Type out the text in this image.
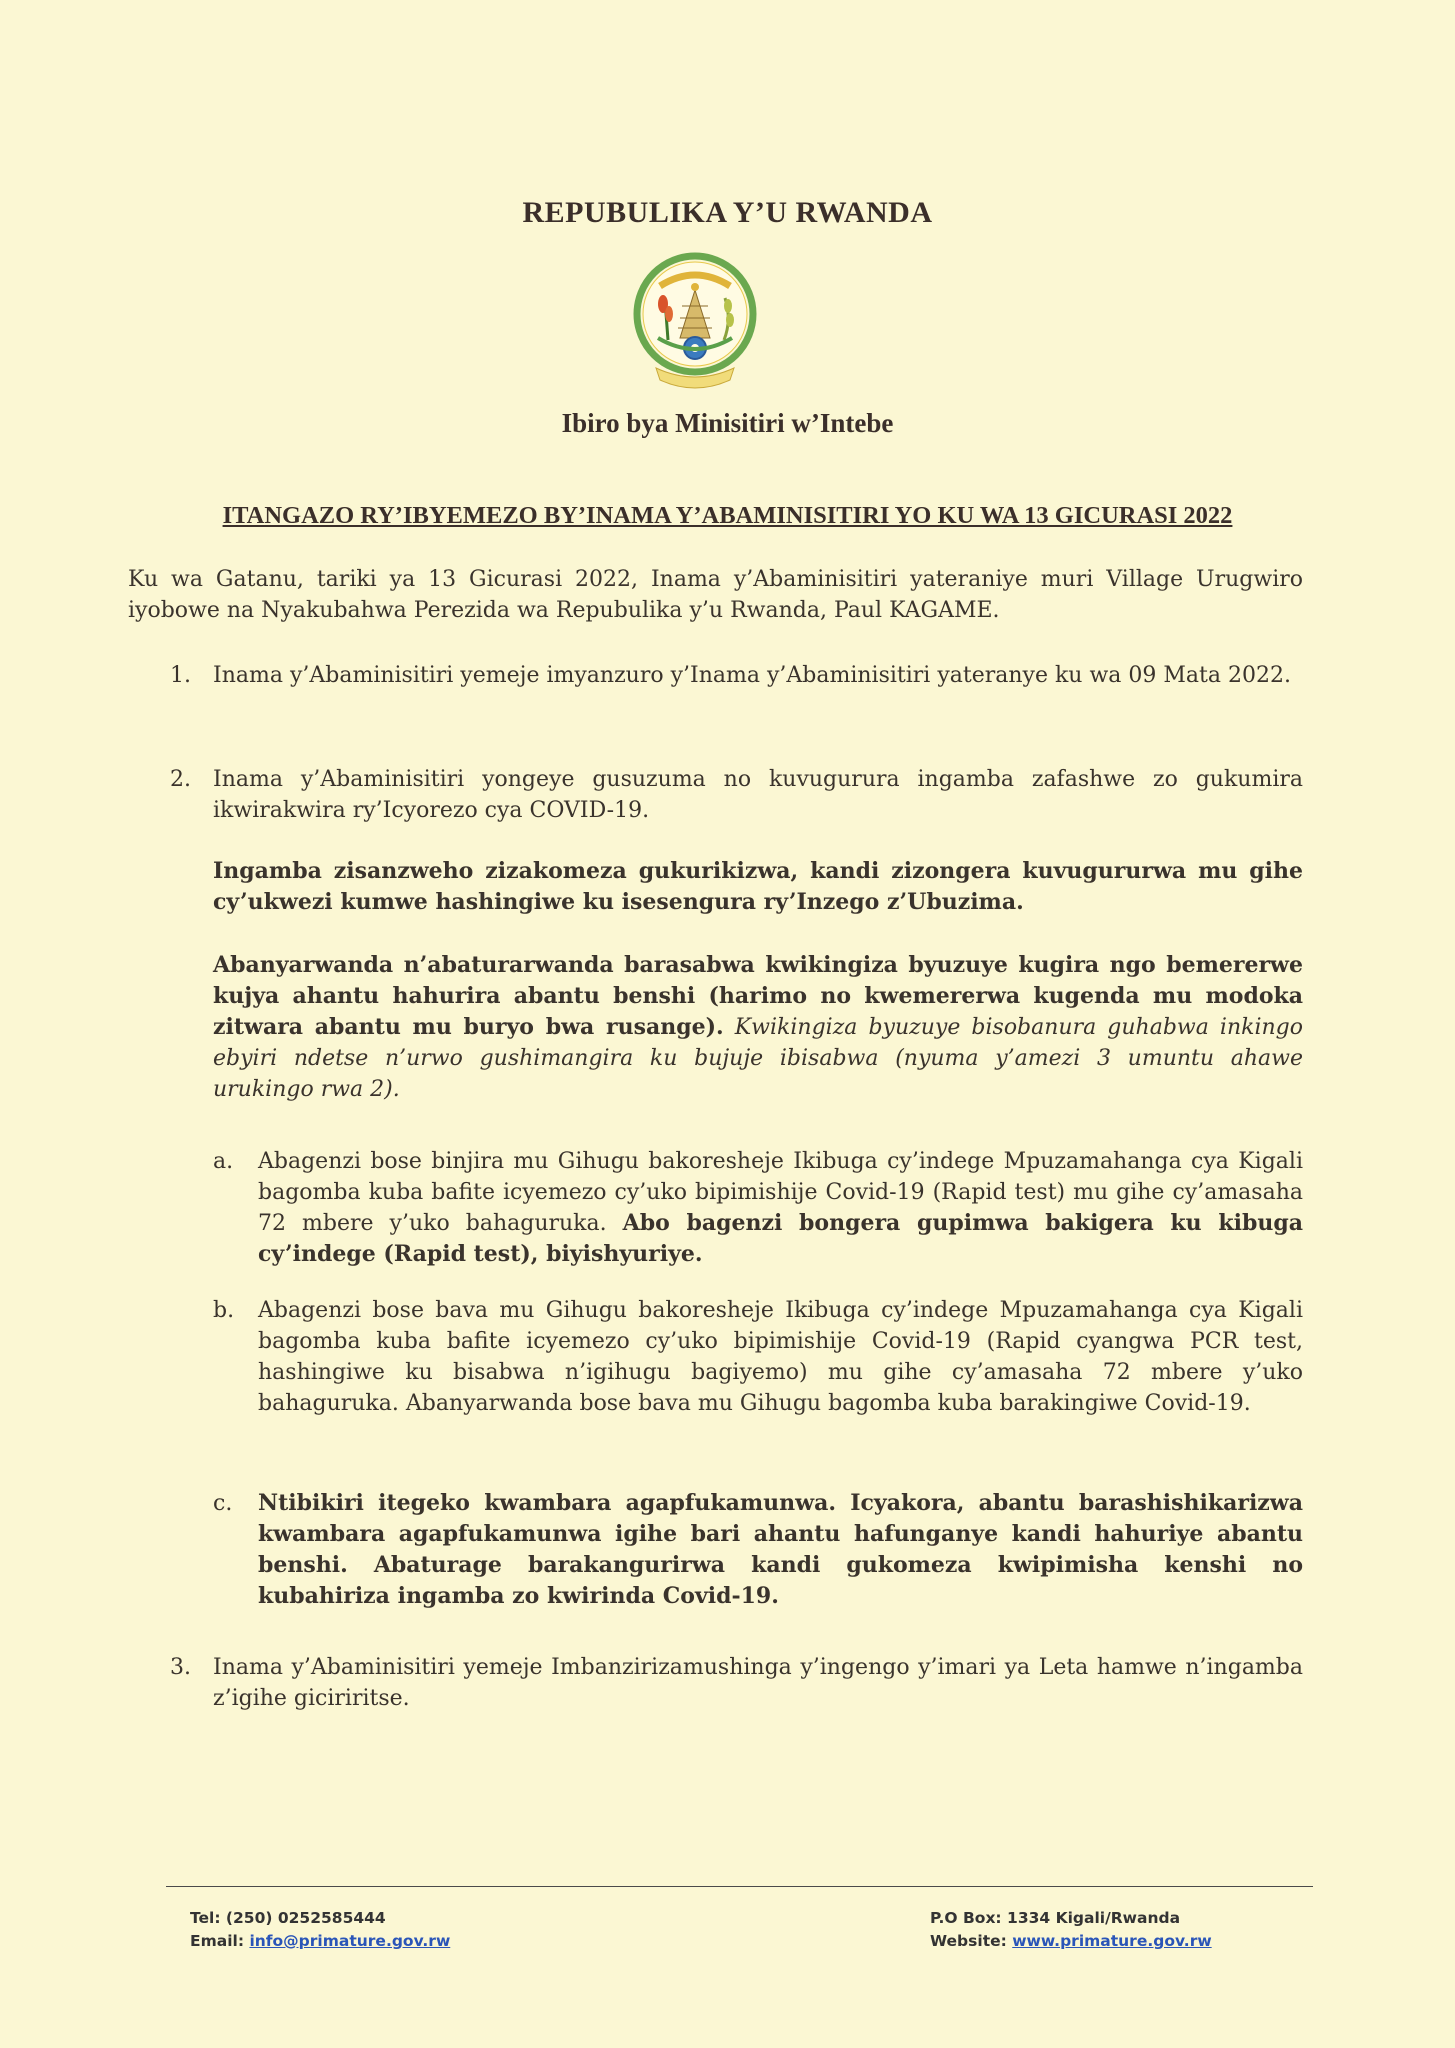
REPUBULIKA Y’U RWANDA
Ibiro bya Minisitiri w’Intebe
ITANGAZO RY’IBYEMEZO BY’INAMA Y’ABAMINISITIRI YO KU WA 13 GICURASI 2022
Ku wa Gatanu, tariki ya 13 Gicurasi 2022, Inama y’Abaminisitiri yateraniye muri Village Urugwiro iyobowe na Nyakubahwa Perezida wa Repubulika y’u Rwanda, Paul KAGAME.
1. Inama y’Abaminisitiri yemeje imyanzuro y’Inama y’Abaminisitiri yateranye ku wa 09 Mata 2022.
2. Inama y’Abaminisitiri yongeye gusuzuma no kuvugurura ingamba zafashwe zo gukumira ikwirakwira ry’Icyorezo cya COVID-19.
Ingamba zisanzweho zizakomeza gukurikizwa, kandi zizongera kuvugururwa mu gihe cy’ukwezi kumwe hashingiwe ku isesengura ry’Inzego z’Ubuzima.
Abanyarwanda n’abaturarwanda barasabwa kwikingiza byuzuye kugira ngo bemererwe kujya ahantu hahurira abantu benshi (harimo no kwemererwa kugenda mu modoka zitwara abantu mu buryo bwa rusange). Kwikingiza byuzuye bisobanura guhabwa inkingo ebyiri ndetse n’urwo gushimangira ku bujuje ibisabwa (nyuma y’amezi 3 umuntu ahawe urukingo rwa 2).
a. Abagenzi bose binjira mu Gihugu bakoresheje Ikibuga cy’indege Mpuzamahanga cya Kigali bagomba kuba bafite icyemezo cy’uko bipimishije Covid-19 (Rapid test) mu gihe cy’amasaha 72 mbere y’uko bahaguruka. Abo bagenzi bongera gupimwa bakigera ku kibuga cy’indege (Rapid test), biyishyuriye.
b. Abagenzi bose bava mu Gihugu bakoresheje Ikibuga cy’indege Mpuzamahanga cya Kigali bagomba kuba bafite icyemezo cy’uko bipimishije Covid-19 (Rapid cyangwa PCR test, hashingiwe ku bisabwa n’igihugu bagiyemo) mu gihe cy’amasaha 72 mbere y’uko bahaguruka. Abanyarwanda bose bava mu Gihugu bagomba kuba barakingiwe Covid-19.
c. Ntibikiri itegeko kwambara agapfukamunwa. Icyakora, abantu barashishikarizwa kwambara agapfukamunwa igihe bari ahantu hafunganye kandi hahuriye abantu benshi. Abaturage barakangurirwa kandi gukomeza kwipimisha kenshi no kubahiriza ingamba zo kwirinda Covid-19.
3. Inama y’Abaminisitiri yemeje Imbanzirizamushinga y’ingengo y’imari ya Leta hamwe n’ingamba z’igihe giciriritse.
Tel: (250) 0252585444
Email: info@primature.gov.rw
P.O Box: 1334 Kigali/Rwanda
Website: www.primature.gov.rw
